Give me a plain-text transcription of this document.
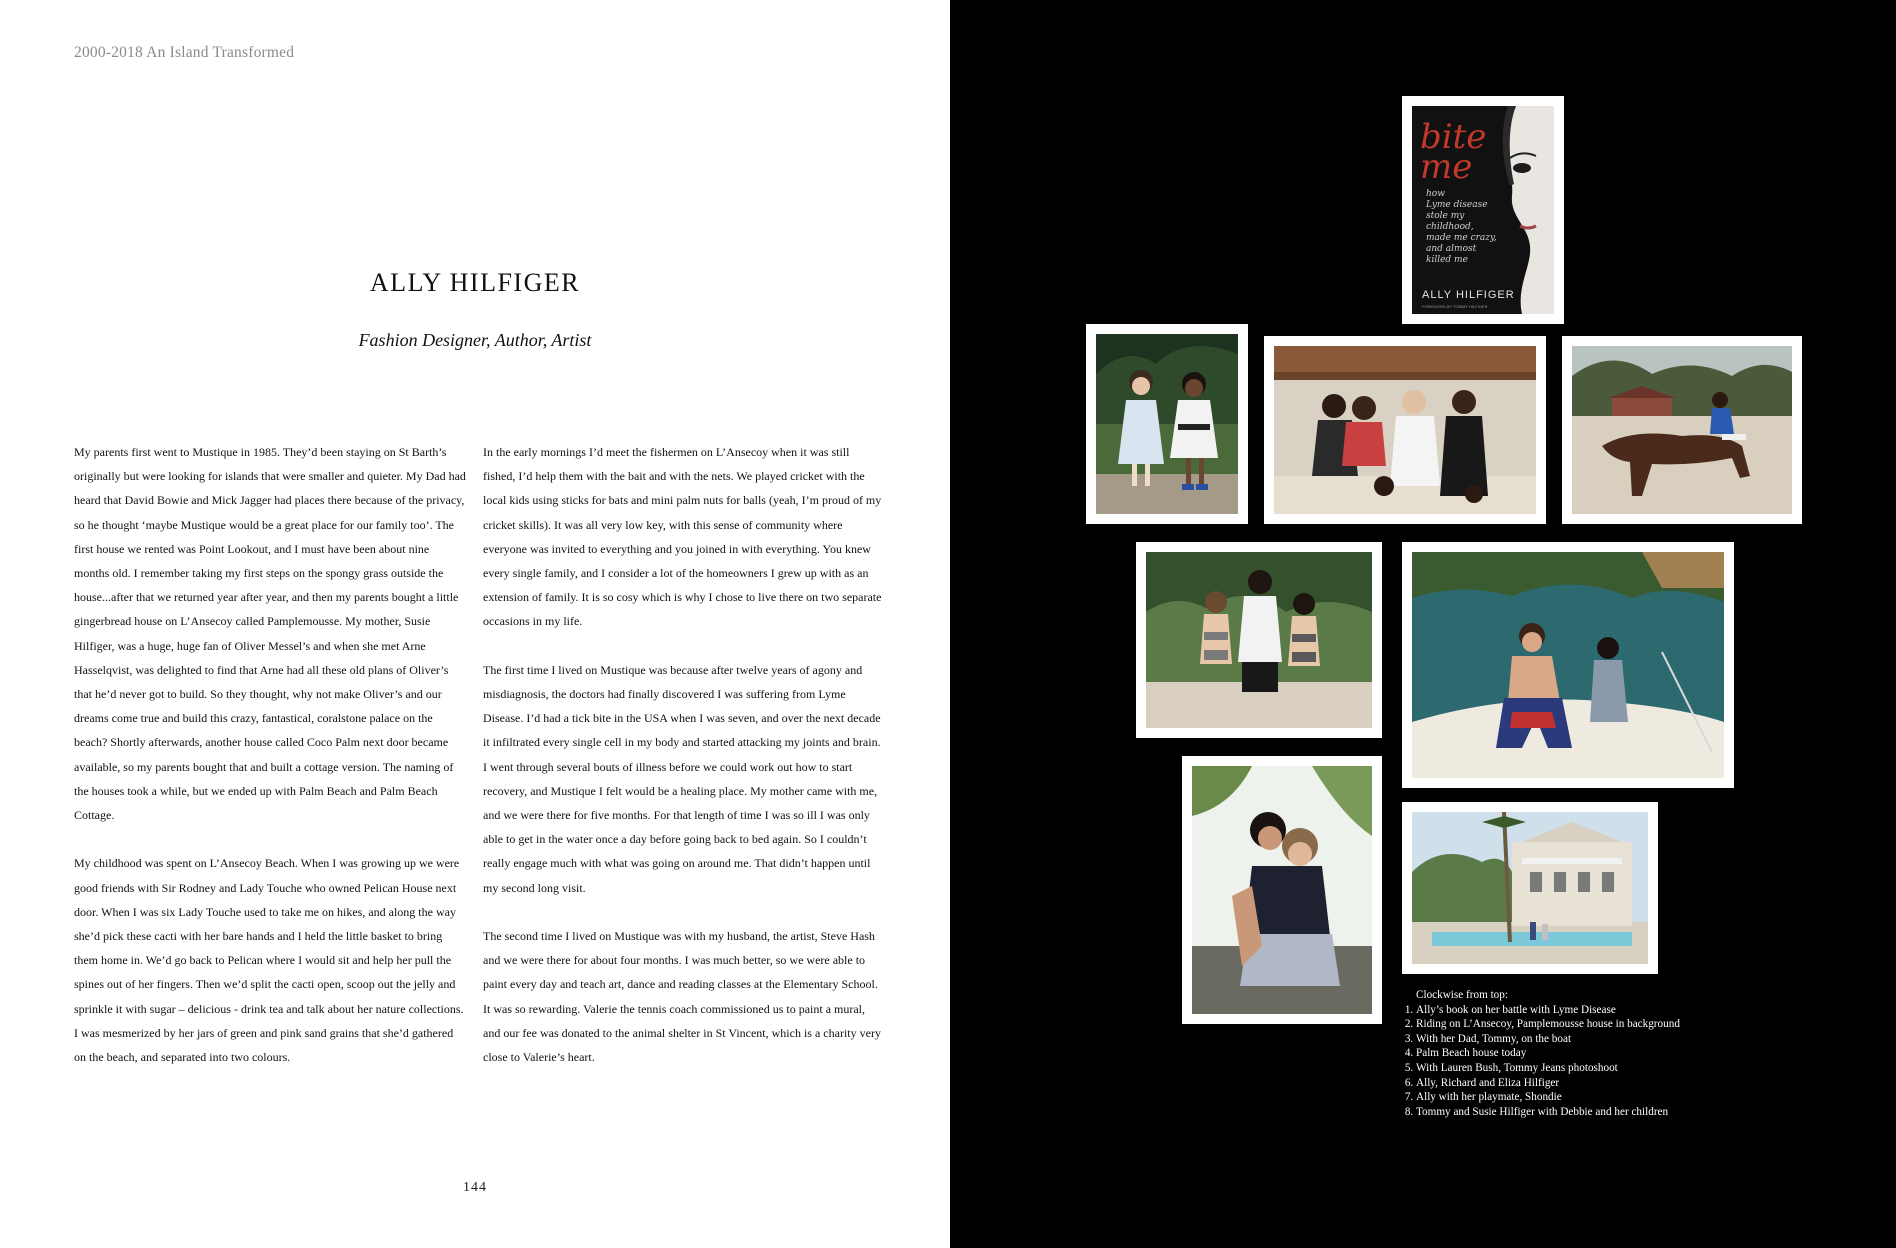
2000-2018 An Island Transformed
ALLY HILFIGER
Fashion Designer, Author, Artist

My parents first went to Mustique in 1985. They’d been staying on St Barth’s originally but were looking for islands that were smaller and quieter. My Dad had heard that David Bowie and Mick Jagger had places there because of the privacy, so he thought ‘maybe Mustique would be a great place for our family too’. The first house we rented was Point Lookout, and I must have been about nine months old. I remember taking my first steps on the spongy grass outside the house...after that we returned year after year, and then my parents bought a little gingerbread house on L’Ansecoy called Pamplemousse. My mother, Susie Hilfiger, was a huge, huge fan of Oliver Messel’s and when she met Arne Hasselqvist, was delighted to find that Arne had all these old plans of Oliver’s that he’d never got to build. So they thought, why not make Oliver’s and our dreams come true and build this crazy, fantastical, coralstone palace on the beach? Shortly afterwards, another house called Coco Palm next door became available, so my parents bought that and built a cottage version. The naming of the houses took a while, but we ended up with Palm Beach and Palm Beach Cottage.

My childhood was spent on L’Ansecoy Beach. When I was growing up we were good friends with Sir Rodney and Lady Touche who owned Pelican House next door. When I was six Lady Touche used to take me on hikes, and along the way she’d pick these cacti with her bare hands and I held the little basket to bring them home in. We’d go back to Pelican where I would sit and help her pull the spines out of her fingers. Then we’d split the cacti open, scoop out the jelly and sprinkle it with sugar – delicious - drink tea and talk about her nature collections. I was mesmerized by her jars of green and pink sand grains that she’d gathered on the beach, and separated into two colours.

In the early mornings I’d meet the fishermen on L’Ansecoy when it was still fished, I’d help them with the bait and with the nets. We played cricket with the local kids using sticks for bats and mini palm nuts for balls (yeah, I’m proud of my cricket skills). It was all very low key, with this sense of community where everyone was invited to everything and you joined in with everything. You knew every single family, and I consider a lot of the homeowners I grew up with as an extension of family. It is so cosy which is why I chose to live there on two separate occasions in my life.

The first time I lived on Mustique was because after twelve years of agony and misdiagnosis, the doctors had finally discovered I was suffering from Lyme Disease. I’d had a tick bite in the USA when I was seven, and over the next decade it infiltrated every single cell in my body and started attacking my joints and brain. I went through several bouts of illness before we could work out how to start recovery, and Mustique I felt would be a healing place. My mother came with me, and we were there for five months. For that length of time I was so ill I was only able to get in the water once a day before going back to bed again. So I couldn’t really engage much with what was going on around me. That didn’t happen until my second long visit.

The second time I lived on Mustique was with my husband, the artist, Steve Hash and we were there for about four months. I was much better, so we were able to paint every day and teach art, dance and reading classes at the Elementary School. It was so rewarding. Valerie the tennis coach commissioned us to paint a mural, and our fee was donated to the animal shelter in St Vincent, which is a charity very close to Valerie’s heart.

144
bite
me
how
Lyme disease
stole my
childhood,
made me crazy,
and almost
killed me
ALLY HILFIGER
FOREWORD BY TOMMY HILFIGER
Clockwise from top:
1. Ally’s book on her battle with Lyme Disease
2. Riding on L’Ansecoy, Pamplemousse house in background
3. With her Dad, Tommy, on the boat
4. Palm Beach house today
5. With Lauren Bush, Tommy Jeans photoshoot
6. Ally, Richard and Eliza Hilfiger
7. Ally with her playmate, Shondie
8. Tommy and Susie Hilfiger with Debbie and her children
